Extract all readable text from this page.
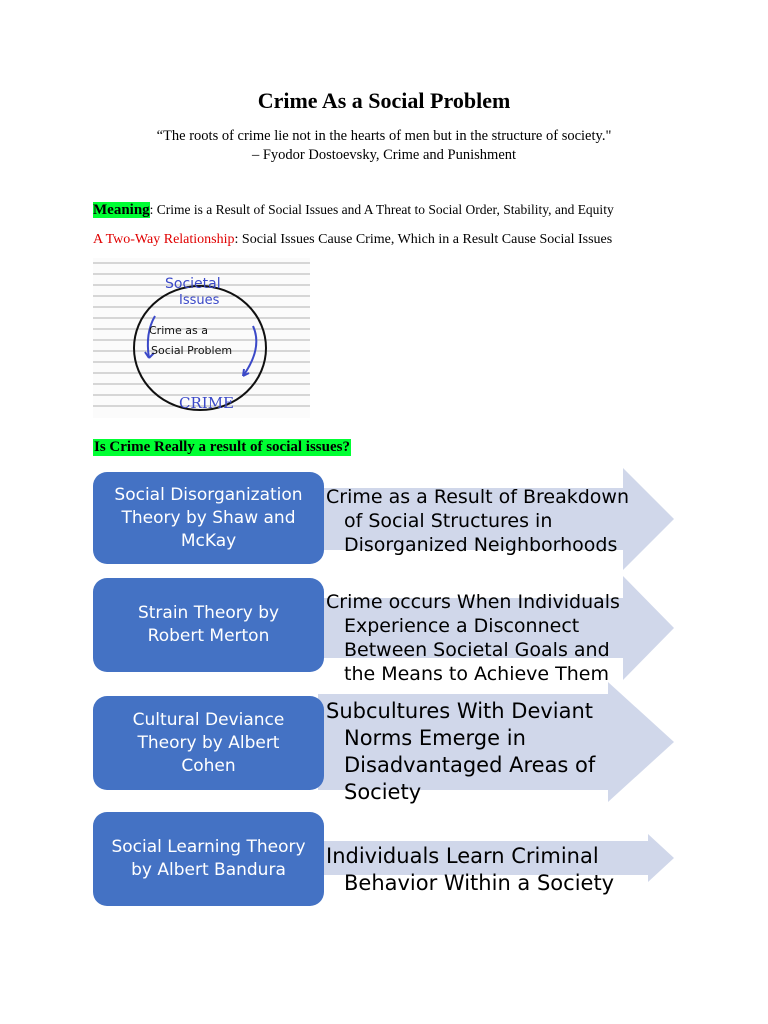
Crime As a Social Problem
“The roots of crime lie not in the hearts of men but in the structure of society."
– Fyodor Dostoevsky, Crime and Punishment
Meaning: Crime is a Result of Social Issues and A Threat to Social Order, Stability, and Equity
A Two-Way Relationship: Social Issues Cause Crime, Which in a Result Cause Social Issues
Societal
Issues
Crime as a
Social Problem
CRIME
Is Crime Really a result of social issues?
Social Disorganization
Theory by Shaw and
McKay
Crime as a Result of Breakdown
of Social Structures in
Disorganized Neighborhoods
Strain Theory by
Robert Merton
Crime occurs When Individuals
Experience a Disconnect
Between Societal Goals and
the Means to Achieve Them
Cultural Deviance
Theory by Albert
Cohen
Subcultures With Deviant
Norms Emerge in
Disadvantaged Areas of
Society
Social Learning Theory
by Albert Bandura
Individuals Learn Criminal
Behavior Within a Society
